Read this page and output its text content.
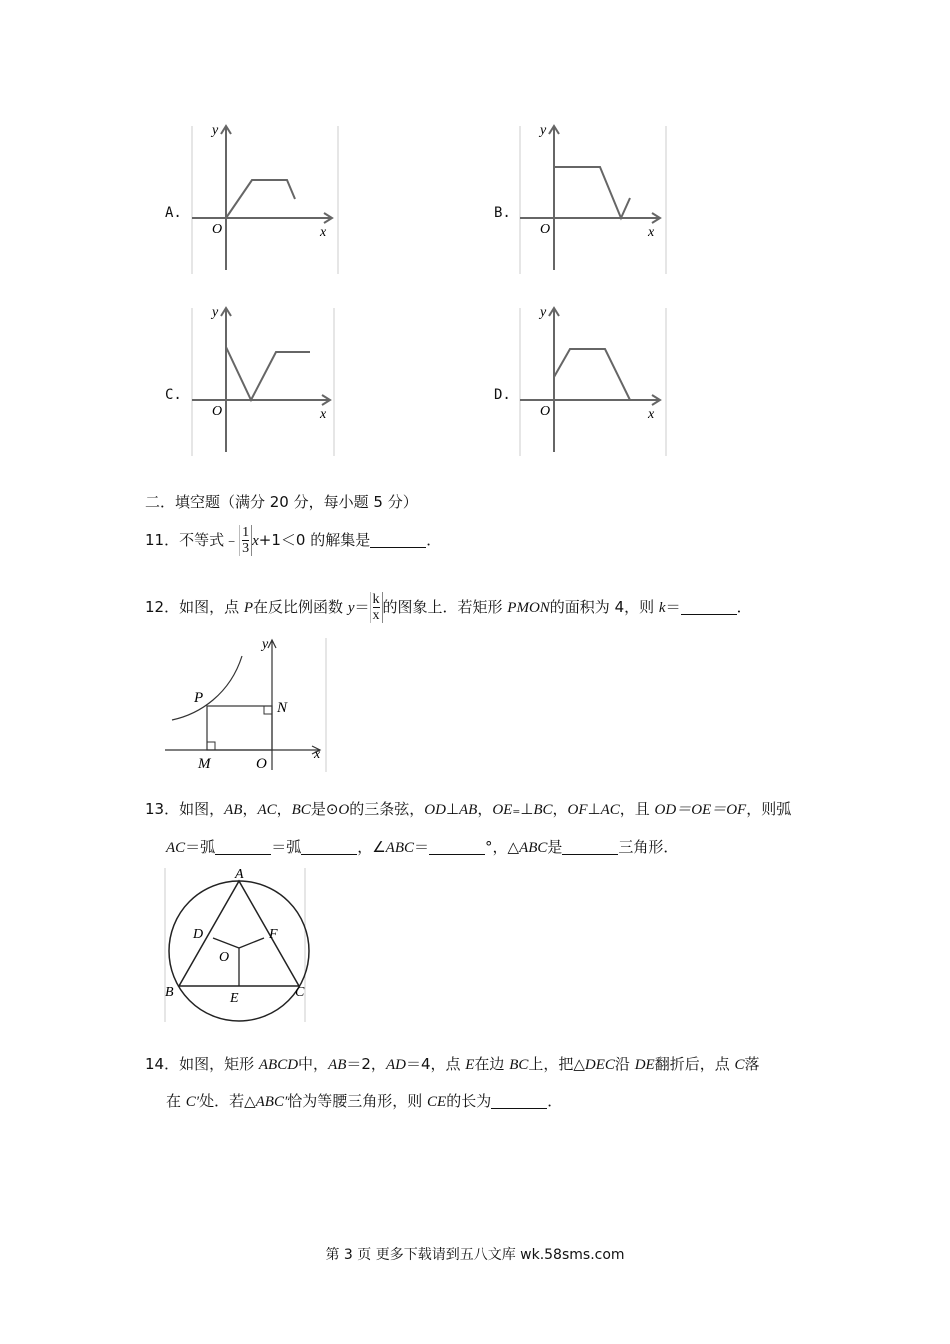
A.
y
x
O
B.
y
x
O
C.
y
x
O
D.
y
x
O
二．填空题（满分 20 分，每小题 5 分）
11．不等式﹣ $\frac{1}{3} x+1<0$ 的解集是	．
12．如图，点 P在反比例函数 $y= \frac{k}{x}$ 的图象上．若矩形 PMON的面积为 4，则 k＝	．
P
N
M	O
x
y
13．如图，AB，AC，BC是⊙O的三条弦，OD⊥AB，OE₌⊥BC，OF⊥AC，且 OD＝OE＝OF，则弧
AC＝弧	＝弧	，∠ABC＝	°，△ABC是	三角形．
A
B	C
D
E
F
O
14．如图，矩形 ABCD中，AB＝2，AD＝4，点 E在边 BC上，把△DEC沿 DE翻折后，点 C落
在 C′处．若△ABC′恰为等腰三角形，则 CE的长为	．
第 3 页 更多下载请到五八文库 wk.58sms.com
